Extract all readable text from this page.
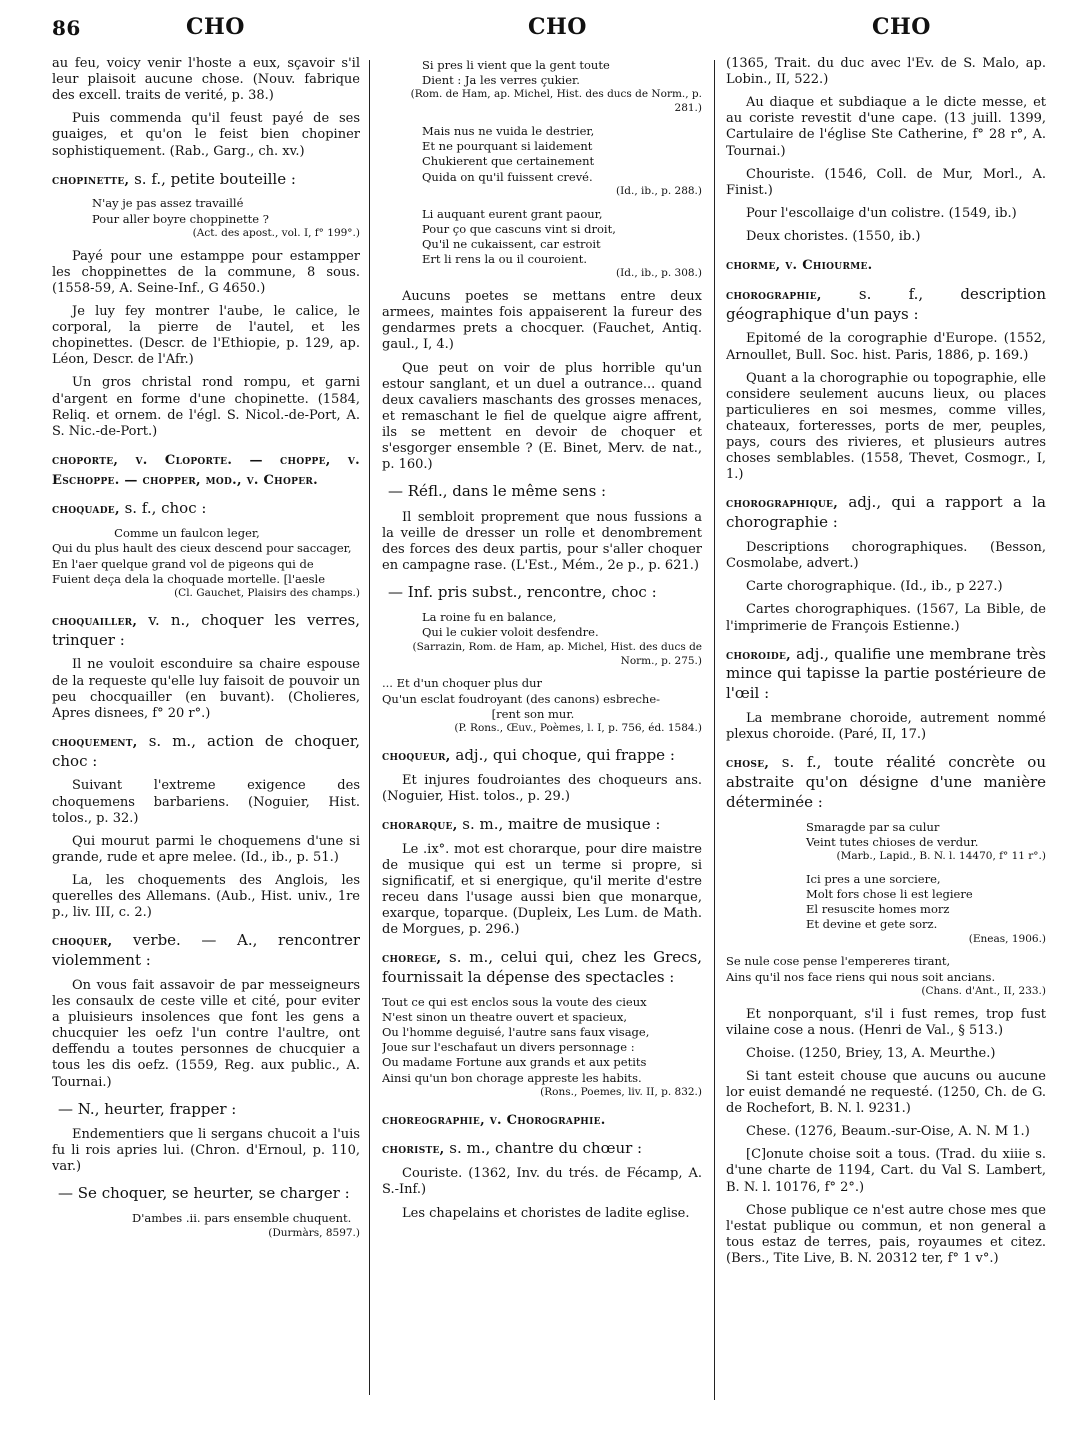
86	CHO	CHO	CHO

au feu, voicy venir l'hoste a eux, sçavoir s'il leur plaisoit aucune chose. (Nouv. fabrique des excell. traits de verité, p. 38.)

Puis commenda qu'il feust payé de ses guaiges, et qu'on le feist bien chopiner sophistiquement. (Rab., Garg., ch. xv.)

chopinette, s. f., petite bouteille :

N'ay je pas assez travaillé
Pour aller boyre choppinette ?
(Act. des apost., vol. I, f° 199°.)

Payé pour une estamppe pour estampper les choppinettes de la commune, 8 sous. (1558-59, A. Seine-Inf., G 4650.)

Je luy fey montrer l'aube, le calice, le corporal, la pierre de l'autel, et les chopinettes. (Descr. de l'Ethiopie, p. 129, ap. Léon, Descr. de l'Afr.)

Un gros christal rond rompu, et garni d'argent en forme d'une chopinette. (1584, Reliq. et ornem. de l'égl. S. Nicol.-de-Port, A. S. Nic.-de-Port.)

choporte, v. Cloporte. — choppe, v. Eschoppe. — chopper, mod., v. Choper.

choquade, s. f., choc :

Comme un faulcon leger,
Qui du plus hault des cieux descend pour saccager,
En l'aer quelque grand vol de pigeons qui de
Fuient deça dela la choquade mortelle. [l'aesle
(Cl. Gauchet, Plaisirs des champs.)

choquailler, v. n., choquer les verres, trinquer :

Il ne vouloit esconduire sa chaire espouse de la requeste qu'elle luy faisoit de pouvoir un peu chocquailler (en buvant). (Cholieres, Apres disnees, f° 20 r°.)

choquement, s. m., action de choquer, choc :

Suivant l'extreme exigence des choquemens barbariens. (Noguier, Hist. tolos., p. 32.)

Qui mourut parmi le choquemens d'une si grande, rude et apre melee. (Id., ib., p. 51.)

La, les choquements des Anglois, les querelles des Allemans. (Aub., Hist. univ., 1re p., liv. III, c. 2.)

choquer, verbe. — A., rencontrer violemment :

On vous fait assavoir de par messeigneurs les consaulx de ceste ville et cité, pour eviter a pluisieurs insolences que font les gens a chucquier les oefz l'un contre l'aultre, ont deffendu a toutes personnes de chucquier a tous les dis oefz. (1559, Reg. aux public., A. Tournai.)

— N., heurter, frapper :

Endementiers que li sergans chucoit a l'uis fu li rois apries lui. (Chron. d'Ernoul, p. 110, var.)

— Se choquer, se heurter, se charger :
D'ambes .ii. pars ensemble chuquent.
(Durmàrs, 8597.)
Si pres li vient que la gent toute
Dient : Ja les verres çukier.
(Rom. de Ham, ap. Michel, Hist. des ducs de Norm., p. 281.)
Mais nus ne vuida le destrier,
Et ne pourquant si laidement
Chukierent que certainement
Quida on qu'il fuissent crevé.
(Id., ib., p. 288.)
Li auquant eurent grant paour,
Pour ço que cascuns vint si droit,
Qu'il ne cukaissent, car estroit
Ert li rens la ou il couroient.
(Id., ib., p. 308.)

Aucuns poetes se mettans entre deux armees, maintes fois appaiserent la fureur des gendarmes prets a chocquer. (Fauchet, Antiq. gaul., I, 4.)

Que peut on voir de plus horrible qu'un estour sanglant, et un duel a outrance... quand deux cavaliers maschants des grosses menaces, et remaschant le fiel de quelque aigre affrent, ils se mettent en devoir de choquer et s'esgorger ensemble ? (E. Binet, Merv. de nat., p. 160.)

— Réfl., dans le même sens :

Il sembloit proprement que nous fussions a la veille de dresser un rolle et denombrement des forces des deux partis, pour s'aller choquer en campagne rase. (L'Est., Mém., 2e p., p. 621.)

— Inf. pris subst., rencontre, choc :
La roine fu en balance,
Qui le cukier voloit desfendre.
(Sarrazin, Rom. de Ham, ap. Michel, Hist. des ducs de Norm., p. 275.)
... Et d'un choquer plus dur
Qu'un esclat foudroyant (des canons) esbreche-
[rent son mur.
(P. Rons., Œuv., Poèmes, l. I, p. 756, éd. 1584.)

choqueur, adj., qui choque, qui frappe :

Et injures foudroiantes des choqueurs ans. (Noguier, Hist. tolos., p. 29.)

chorarque, s. m., maitre de musique :

Le .ix°. mot est chorarque, pour dire maistre de musique qui est un terme si propre, si significatif, et si energique, qu'il merite d'estre receu dans l'usage aussi bien que monarque, exarque, toparque. (Dupleix, Les Lum. de Math. de Morgues, p. 296.)

chorege, s. m., celui qui, chez les Grecs, fournissait la dépense des spectacles :

Tout ce qui est enclos sous la voute des cieux
N'est sinon un theatre ouvert et spacieux,
Ou l'homme deguisé, l'autre sans faux visage,
Joue sur l'eschafaut un divers personnage :
Ou madame Fortune aux grands et aux petits
Ainsi qu'un bon chorage appreste les habits.
(Rons., Poemes, liv. II, p. 832.)

choreographie, v. Chorographie.

choriste, s. m., chantre du chœur :

Couriste. (1362, Inv. du trés. de Fécamp, A. S.-Inf.)

Les chapelains et choristes de ladite eglise.

(1365, Trait. du duc avec l'Ev. de S. Malo, ap. Lobin., II, 522.)

Au diaque et subdiaque a le dicte messe, et au coriste revestit d'une cape. (13 juill. 1399, Cartulaire de l'église Ste Catherine, f° 28 r°, A. Tournai.)

Chouriste. (1546, Coll. de Mur, Morl., A. Finist.)

Pour l'escollaige d'un colistre. (1549, ib.)

Deux choristes. (1550, ib.)

chorme, v. Chiourme.

chorographie, s. f., description géographique d'un pays :

Epitomé de la corographie d'Europe. (1552, Arnoullet, Bull. Soc. hist. Paris, 1886, p. 169.)

Quant a la chorographie ou topographie, elle considere seulement aucuns lieux, ou places particulieres en soi mesmes, comme villes, chateaux, forteresses, ports de mer, peuples, pays, cours des rivieres, et plusieurs autres choses semblables. (1558, Thevet, Cosmogr., I, 1.)

chorographique, adj., qui a rapport a la chorographie :

Descriptions chorographiques. (Besson, Cosmolabe, advert.)

Carte chorographique. (Id., ib., p 227.)

Cartes chorographiques. (1567, La Bible, de l'imprimerie de François Estienne.)

choroide, adj., qualifie une membrane très mince qui tapisse la partie postérieure de l'œil :

La membrane choroide, autrement nommé plexus choroide. (Paré, II, 17.)

chose, s. f., toute réalité concrète ou abstraite qu'on désigne d'une manière déterminée :

Smaragde par sa culur
Veint tutes chioses de verdur.
(Marb., Lapid., B. N. l. 14470, f° 11 r°.)
Ici pres a une sorciere,
Molt fors chose li est legiere
El resuscite homes morz
Et devine et gete sorz.
(Eneas, 1906.)
Se nule cose pense l'empereres tirant,
Ains qu'il nos face riens qui nous soit ancians.
(Chans. d'Ant., II, 233.)

Et nonporquant, s'il i fust remes, trop fust vilaine cose a nous. (Henri de Val., § 513.)

Choise. (1250, Briey, 13, A. Meurthe.)

Si tant esteit chouse que aucuns ou aucune lor euist demandé ne requesté. (1250, Ch. de G. de Rochefort, B. N. l. 9231.)

Chese. (1276, Beaum.-sur-Oise, A. N. M 1.)

[C]onute choise soit a tous. (Trad. du xiiie s. d'une charte de 1194, Cart. du Val S. Lambert, B. N. l. 10176, f° 2°.)

Chose publique ce n'est autre chose mes que l'estat publique ou commun, et non general a tous estaz de terres, pais, royaumes et citez. (Bers., Tite Live, B. N. 20312 ter, f° 1 v°.)
